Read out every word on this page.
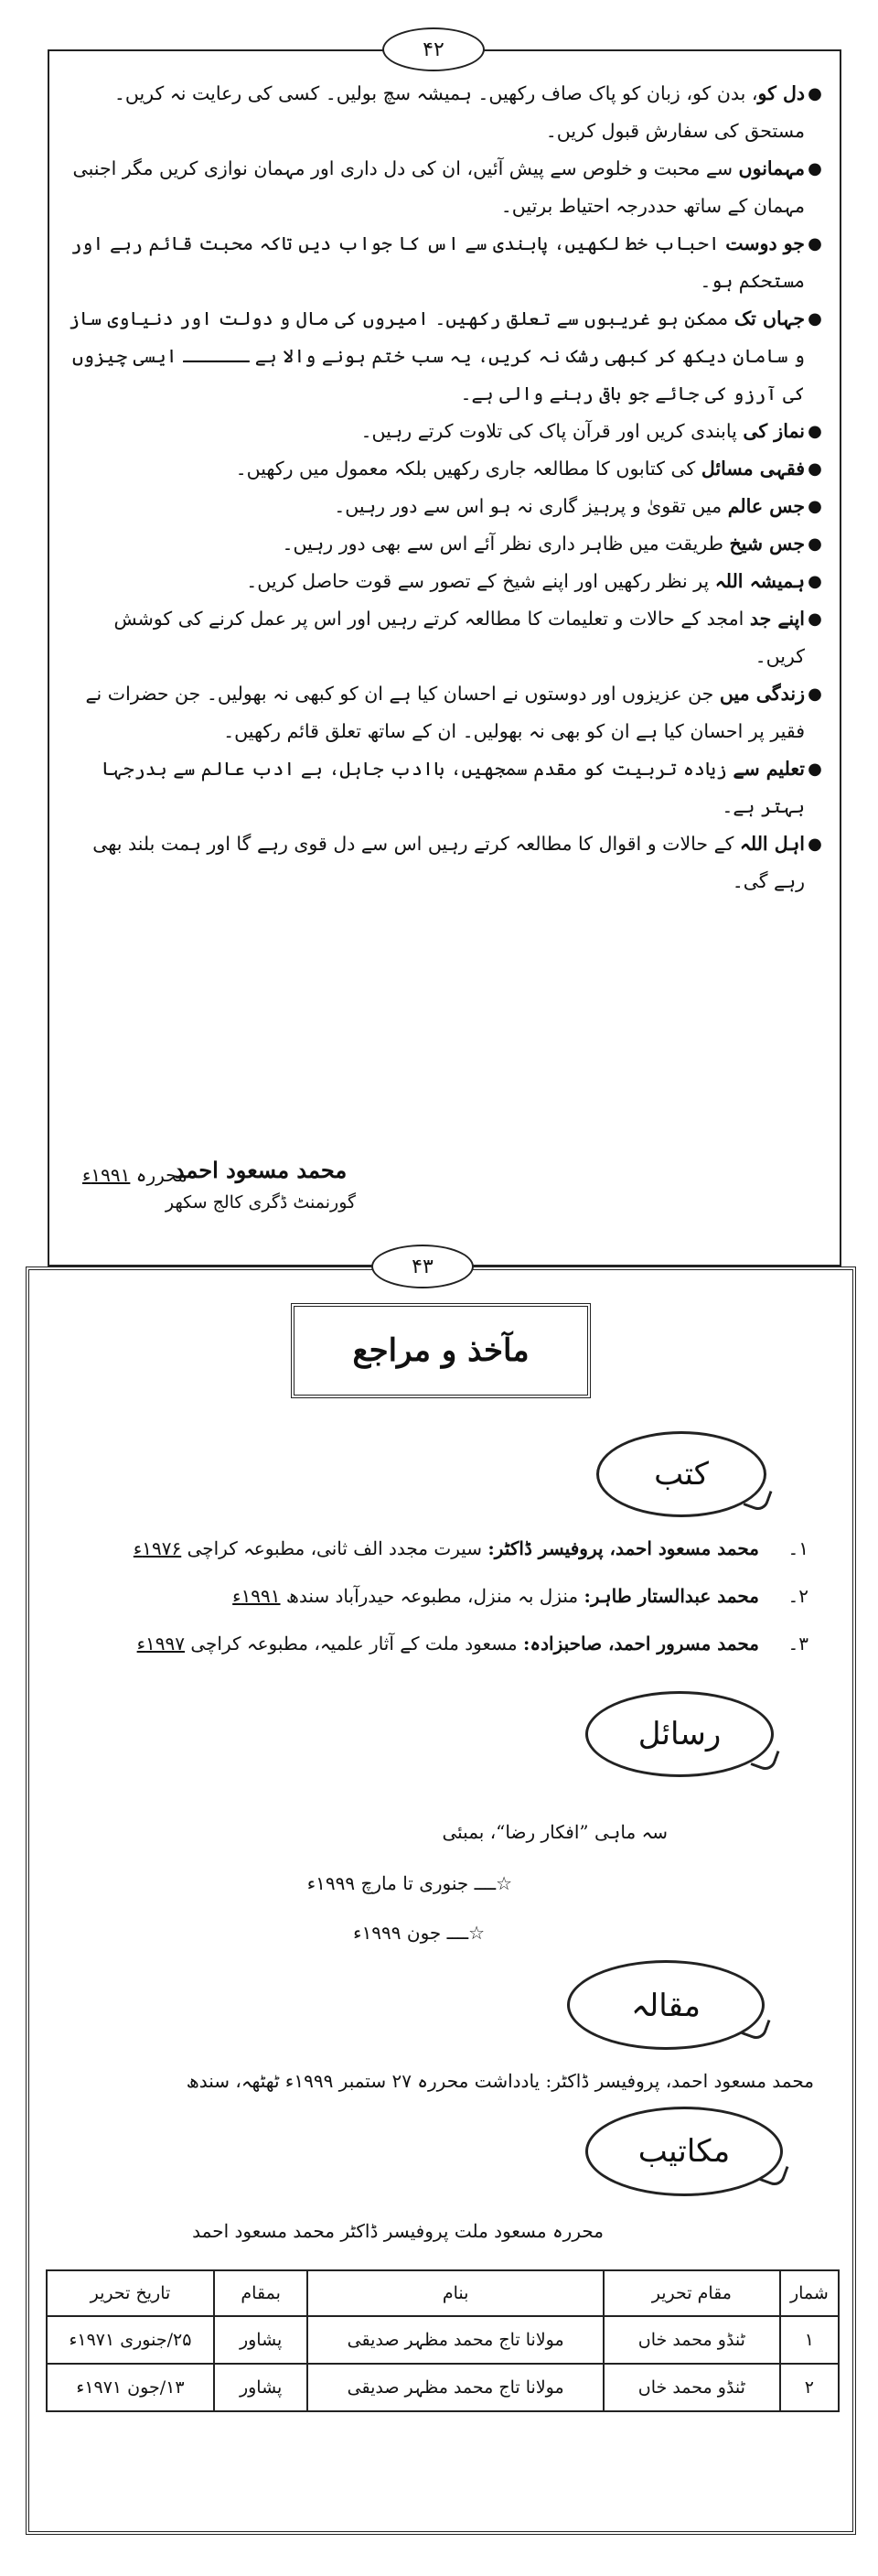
۴۲
●
دل کو، بدن کو، زبان کو پاک صاف رکھیں۔ ہمیشہ سچ بولیں۔ کسی کی رعایت نہ کریں۔ مستحق کی سفارش قبول کریں۔
●
مہمانوں سے محبت و خلوص سے پیش آئیں، ان کی دل داری اور مہمان نوازی کریں مگر اجنبی مہمان کے ساتھ حددرجہ احتیاط برتیں۔
●
جو دوست احباب خط لکھیں، پابندی سے اس کا جواب دیں تاکہ محبت قائم رہے اور مستحکم ہو۔
●
جہاں تک ممکن ہو غریبوں سے تعلق رکھیں۔ امیروں کی مال و دولت اور دنیاوی ساز و سامان دیکھ کر کبھی رشک نہ کریں، یہ سب ختم ہونے والا ہے ــــــ ایسی چیزوں کی آرزو کی جائے جو باقی رہنے والی ہے۔
●
نماز کی پابندی کریں اور قرآن پاک کی تلاوت کرتے رہیں۔
●
فقہی مسائل کی کتابوں کا مطالعہ جاری رکھیں بلکہ معمول میں رکھیں۔
●
جس عالم میں تقویٰ و پرہیز گاری نہ ہو اس سے دور رہیں۔
●
جس شیخ طریقت میں ظاہر داری نظر آئے اس سے بھی دور رہیں۔
●
ہمیشہ اللہ پر نظر رکھیں اور اپنے شیخ کے تصور سے قوت حاصل کریں۔
●
اپنے جد امجد کے حالات و تعلیمات کا مطالعہ کرتے رہیں اور اس پر عمل کرنے کی کوشش کریں۔
●
زندگی میں جن عزیزوں اور دوستوں نے احسان کیا ہے ان کو کبھی نہ بھولیں۔ جن حضرات نے فقیر پر احسان کیا ہے ان کو بھی نہ بھولیں۔ ان کے ساتھ تعلق قائم رکھیں۔
●
تعلیم سے زیادہ تربیت کو مقدم سمجھیں، باادب جاہل، بے ادب عالم سے بدرجہا بہتر ہے۔
●
اہل اللہ کے حالات و اقوال کا مطالعہ کرتے رہیں اس سے دل قوی رہے گا اور ہمت بلند بھی رہے گی۔
محمد مسعود احمد
گورنمنٹ ڈگری کالج سکھر
محررہ ۱۹۹۱ء
۴۳
مآخذ و مراجع
کتب
۱۔
محمد مسعود احمد، پروفیسر ڈاکٹر: سیرت مجدد الف ثانی، مطبوعہ کراچی ۱۹۷۶ء
۲۔
محمد عبدالستار طاہر: منزل بہ منزل، مطبوعہ حیدرآباد سندھ ۱۹۹۱ء
۳۔
محمد مسرور احمد، صاحبزادہ: مسعود ملت کے آثار علمیہ، مطبوعہ کراچی ۱۹۹۷ء
رسائل
سہ ماہی ”افکار رضا“، بمبئی
☆ــــ جنوری تا مارچ ۱۹۹۹ء
☆ــــ جون ۱۹۹۹ء
مقالہ
محمد مسعود احمد، پروفیسر ڈاکٹر: یادداشت محررہ ۲۷ ستمبر ۱۹۹۹ء ٹھٹھہ، سندھ
مکاتیب
محررہ مسعود ملت پروفیسر ڈاکٹر محمد مسعود احمد
شمار	مقام تحریر	بنام	بمقام	تاریخ تحریر
۱	ٹنڈو محمد خاں	مولانا تاج محمد مظہر صدیقی	پشاور	۲۵/جنوری ۱۹۷۱ء
۲	ٹنڈو محمد خاں	مولانا تاج محمد مظہر صدیقی	پشاور	۱۳/جون ۱۹۷۱ء
